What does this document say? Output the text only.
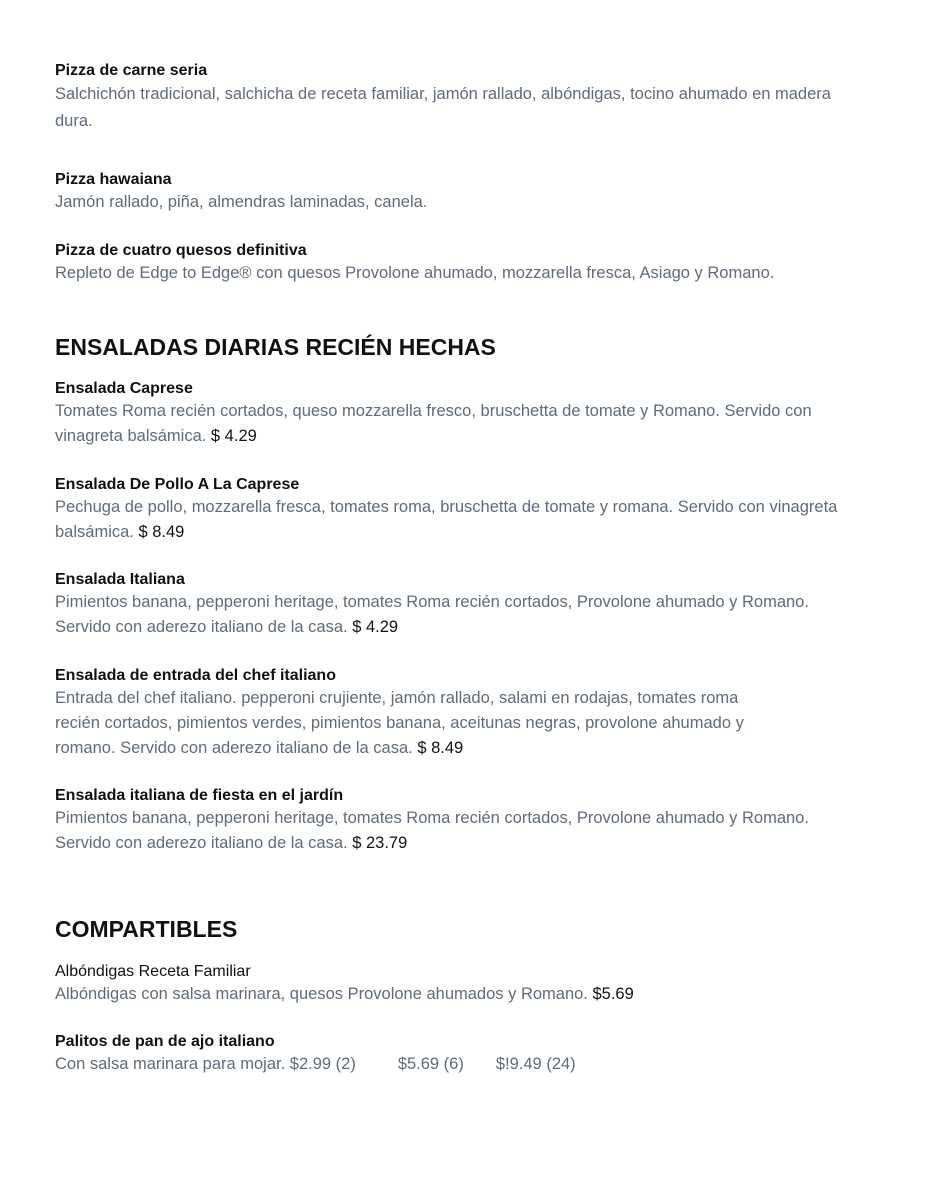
Pizza de carne seria
Salchichón tradicional, salchicha de receta familiar, jamón rallado, albóndigas, tocino ahumado en madera dura.
Pizza hawaiana
Jamón rallado, piña, almendras laminadas, canela.
Pizza de cuatro quesos definitiva
Repleto de Edge to Edge® con quesos Provolone ahumado, mozzarella fresca, Asiago y Romano.
ENSALADAS DIARIAS RECIÉN HECHAS
Ensalada Caprese
Tomates Roma recién cortados, queso mozzarella fresco, bruschetta de tomate y Romano. Servido con vinagreta balsámica. $ 4.29
Ensalada De Pollo A La Caprese
Pechuga de pollo, mozzarella fresca, tomates roma, bruschetta de tomate y romana. Servido con vinagreta balsámica. $ 8.49
Ensalada Italiana
Pimientos banana, pepperoni heritage, tomates Roma recién cortados, Provolone ahumado y Romano. Servido con aderezo italiano de la casa. $ 4.29
Ensalada de entrada del chef italiano
Entrada del chef italiano. pepperoni crujiente, jamón rallado, salami en rodajas, tomates roma recién cortados, pimientos verdes, pimientos banana, aceitunas negras, provolone ahumado y
romano. Servido con aderezo italiano de la casa. $ 8.49
Ensalada italiana de fiesta en el jardín
Pimientos banana, pepperoni heritage, tomates Roma recién cortados, Provolone ahumado y Romano. Servido con aderezo italiano de la casa. $ 23.79
COMPARTIBLES
Albóndigas Receta Familiar
Albóndigas con salsa marinara, quesos Provolone ahumados y Romano. $5.69
Palitos de pan de ajo italiano
Con salsa marinara para mojar. $2.99 (2)	$5.69 (6) $!9.49 (24)
